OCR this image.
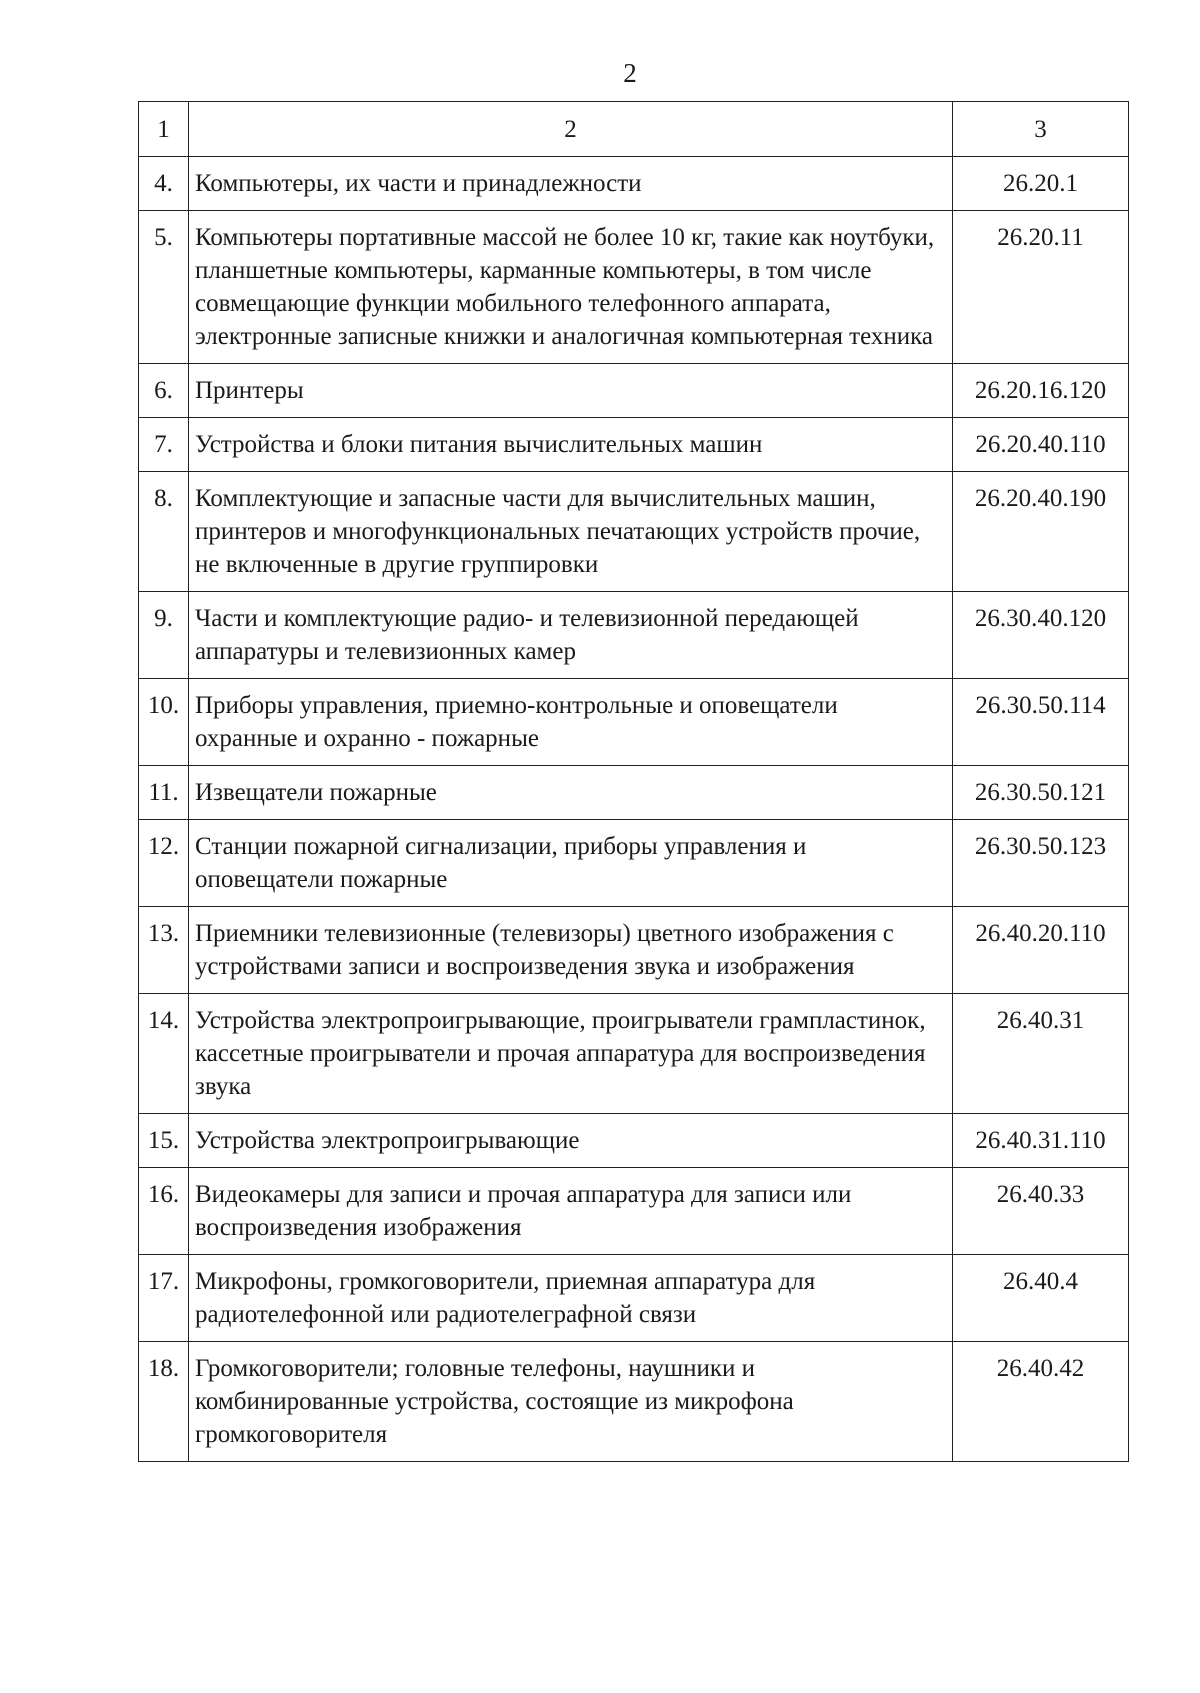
2
1	2	3
4.	Компьютеры, их части и принадлежности	26.20.1
5.	Компьютеры портативные массой не более 10 кг, такие как ноутбуки, планшетные компьютеры, карманные компьютеры, в том числе совмещающие функции мобильного телефонного аппарата, электронные записные книжки и аналогичная компьютерная техника	26.20.11
6.	Принтеры	26.20.16.120
7.	Устройства и блоки питания вычислительных машин	26.20.40.110
8.	Комплектующие и запасные части для вычислительных машин, принтеров и многофункциональных печатающих устройств прочие, не включенные в другие группировки	26.20.40.190
9.	Части и комплектующие радио- и телевизионной передающей аппаратуры и телевизионных камер	26.30.40.120
10.	Приборы управления, приемно-контрольные и оповещатели охранные и охранно - пожарные	26.30.50.114
11.	Извещатели пожарные	26.30.50.121
12.	Станции пожарной сигнализации, приборы управления и оповещатели пожарные	26.30.50.123
13.	Приемники телевизионные (телевизоры) цветного изображения с устройствами записи и воспроизведения звука и изображения	26.40.20.110
14.	Устройства электропроигрывающие, проигрыватели грампластинок, кассетные проигрыватели и прочая аппаратура для воспроизведения звука	26.40.31
15.	Устройства электропроигрывающие	26.40.31.110
16.	Видеокамеры для записи и прочая аппаратура для записи или воспроизведения изображения	26.40.33
17.	Микрофоны, громкоговорители, приемная аппаратура для радиотелефонной или радиотелеграфной связи	26.40.4
18.	Громкоговорители; головные телефоны, наушники и комбинированные устройства, состоящие из микрофона громкоговорителя	26.40.42
